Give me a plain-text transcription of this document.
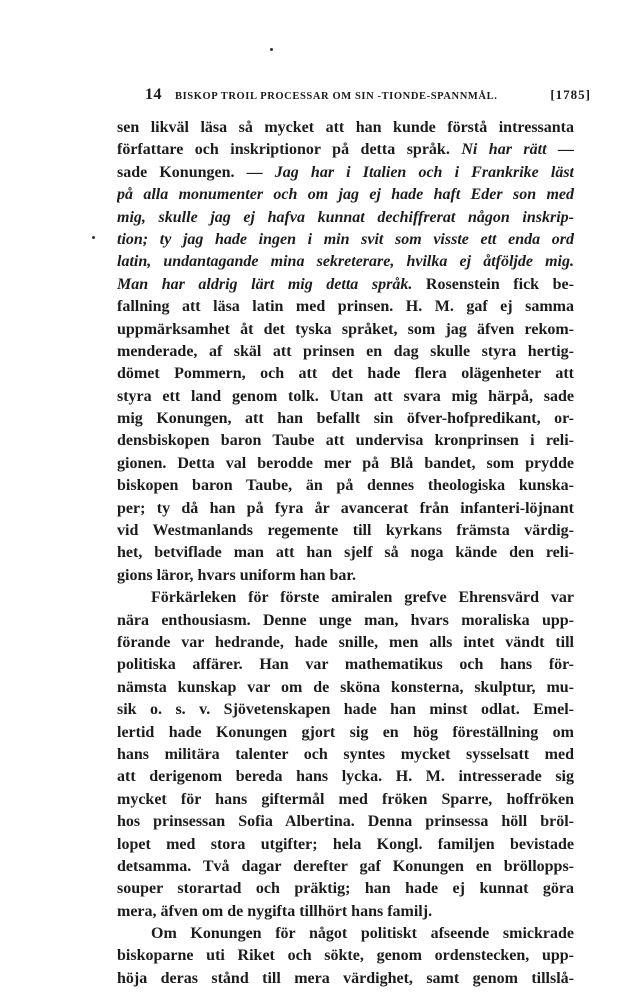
14 BISKOP TROIL PROCESSAR OM SIN -TIONDE-SPANNMÅL.	[1785]
sen likväl läsa så mycket att han kunde förstå intressanta
författare och inskriptionor på detta språk. Ni har rätt —
sade Konungen. — Jag har i Italien och i Frankrike läst
på alla monumenter och om jag ej hade haft Eder son med
mig, skulle jag ej hafva kunnat dechiffrerat någon inskrip-
tion; ty jag hade ingen i min svit som visste ett enda ord
latin, undantagande mina sekreterare, hvilka ej åtföljde mig.
Man har aldrig lärt mig detta språk. Rosenstein fick be-
fallning att läsa latin med prinsen. H. M. gaf ej samma
uppmärksamhet åt det tyska språket, som jag äfven rekom-
menderade, af skäl att prinsen en dag skulle styra hertig-
dömet Pommern, och att det hade flera olägenheter att
styra ett land genom tolk. Utan att svara mig härpå, sade
mig Konungen, att han befallt sin öfver-hofpredikant, or-
densbiskopen baron Taube att undervisa kronprinsen i reli-
gionen. Detta val berodde mer på Blå bandet, som prydde
biskopen baron Taube, än på dennes theologiska kunska-
per; ty då han på fyra år avancerat från infanteri-löjnant
vid Westmanlands regemente till kyrkans främsta värdig-
het, betviflade man att han sjelf så noga kände den reli-
gions läror, hvars uniform han bar.
Förkärleken för förste amiralen grefve Ehrensvärd var
nära enthousiasm. Denne unge man, hvars moraliska upp-
förande var hedrande, hade snille, men alls intet vändt till
politiska affärer. Han var mathematikus och hans för-
nämsta kunskap var om de sköna konsterna, skulptur, mu-
sik o. s. v. Sjövetenskapen hade han minst odlat. Emel-
lertid hade Konungen gjort sig en hög föreställning om
hans militära talenter och syntes mycket sysselsatt med
att derigenom bereda hans lycka. H. M. intresserade sig
mycket för hans giftermål med fröken Sparre, hoffröken
hos prinsessan Sofia Albertina. Denna prinsessa höll bröl-
lopet med stora utgifter; hela Kongl. familjen bevistade
detsamma. Två dagar derefter gaf Konungen en bröllopps-
souper storartad och präktig; han hade ej kunnat göra
mera, äfven om de nygifta tillhört hans familj.
Om Konungen för något politiskt afseende smickrade
biskoparne uti Riket och sökte, genom ordenstecken, upp-
höja deras stånd till mera värdighet, samt genom tillslå-
